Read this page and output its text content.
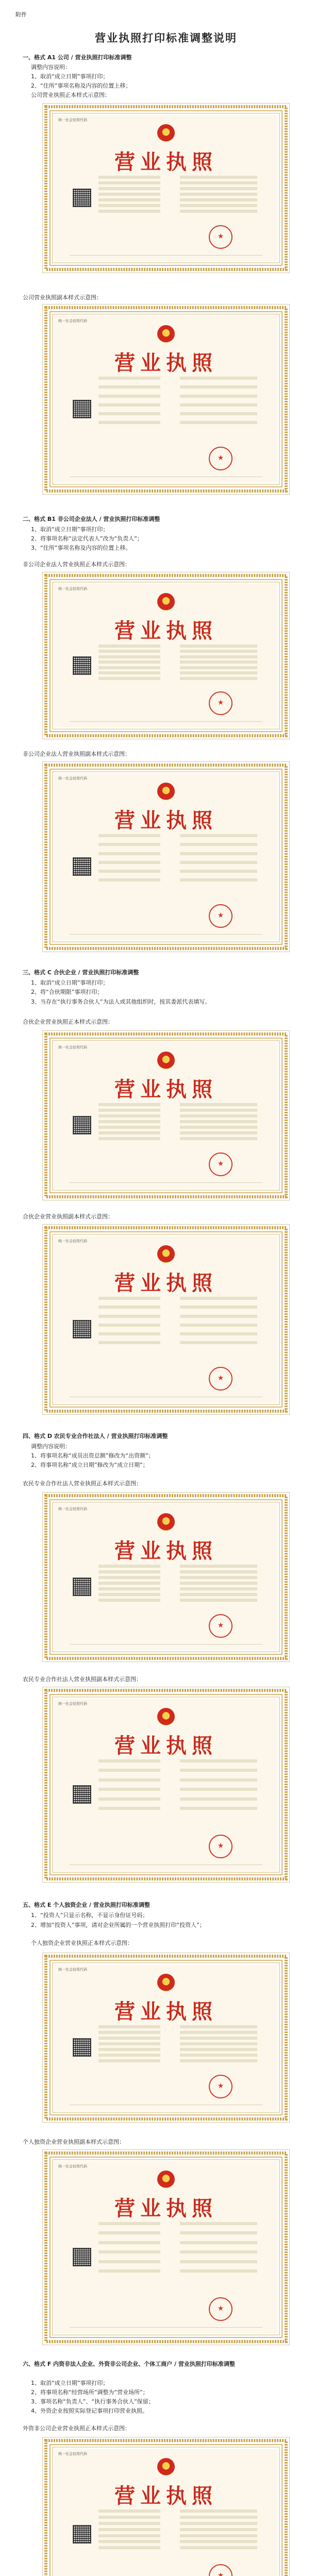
附件
营业执照打印标准调整说明
一、格式 A1 公司 / 营业执照打印标准调整
调整内容说明：
1、取消“成立日期”事项打印；
2、“住所”事项名称及内容的位置上移；
公司营业执照正本样式示意图：
统一社会信用代码
营业执照
★
公司营业执照副本样式示意图：
统一社会信用代码
营业执照
★
二、格式 B1 非公司企业法人 / 营业执照打印标准调整
1、取消“成立日期”事项打印；
2、将事项名称“法定代表人”改为“负责人”；
3、“住所”事项名称及内容的位置上移。
非公司企业法人营业执照正本样式示意图：
统一社会信用代码
营业执照
★
非公司企业法人营业执照副本样式示意图：
统一社会信用代码
营业执照
★
三、格式 C 合伙企业 / 营业执照打印标准调整
1、取消“成立日期”事项打印；
2、将“合伙期限”事项打印；
3、当存在“执行事务合伙人”为法人或其他组织时，按其委派代表填写。
合伙企业营业执照正本样式示意图：
统一社会信用代码
营业执照
★
合伙企业营业执照副本样式示意图：
统一社会信用代码
营业执照
★
四、格式 D 农民专业合作社法人 / 营业执照打印标准调整
调整内容说明：
1、将事项名称“成员出资总额”修改为“出资额”；
2、将事项名称“成立日期”修改为“成立日期”；
农民专业合作社法人营业执照正本样式示意图：
统一社会信用代码
营业执照
★
农民专业合作社法人营业执照副本样式示意图：
统一社会信用代码
营业执照
★
五、格式 E 个人独资企业 / 营业执照打印标准调整
1、“投资人”只显示名称，不显示身份证号码；
2、增加“投资人”事项，请对企业所属的一个营业执照打印“投资人”；
个人独资企业营业执照正本样式示意图：
统一社会信用代码
营业执照
★
个人独资企业营业执照副本样式示意图：
统一社会信用代码
营业执照
★
六、格式 F 内资非法人企业、外资非公司企业、个体工商户 / 营业执照打印标准调整
1、取消“成立日期”事项打印；
2、将事项名称“经营场所”调整为“营业场所”；
3、事项名称“负责人”、“执行事务合伙人”保留；
4、外资企业按照实际登记事项打印营业执照。
外资非公司企业营业执照正本样式示意图：
统一社会信用代码
营业执照
★
